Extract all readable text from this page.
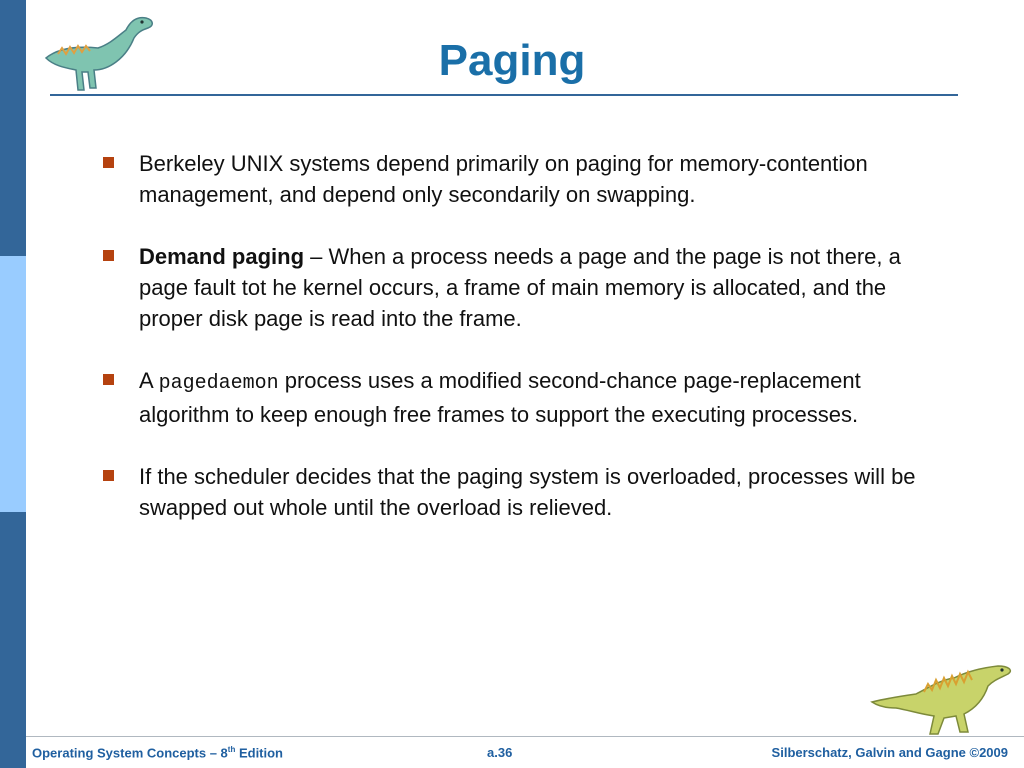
Paging
Berkeley UNIX systems depend primarily on paging for memory-contention management, and depend only secondarily on swapping.
Demand paging – When a process needs a page and the page is not there, a page fault tot he kernel occurs, a frame of main memory is allocated, and the proper disk page is read into the frame.
A pagedaemon process uses a modified second-chance page-replacement algorithm to keep enough free frames to support the executing processes.
If the scheduler decides that the paging system is overloaded, processes will be swapped out whole until the overload is relieved.
Operating System Concepts – 8th Edition	a.36	Silberschatz, Galvin and Gagne ©2009
